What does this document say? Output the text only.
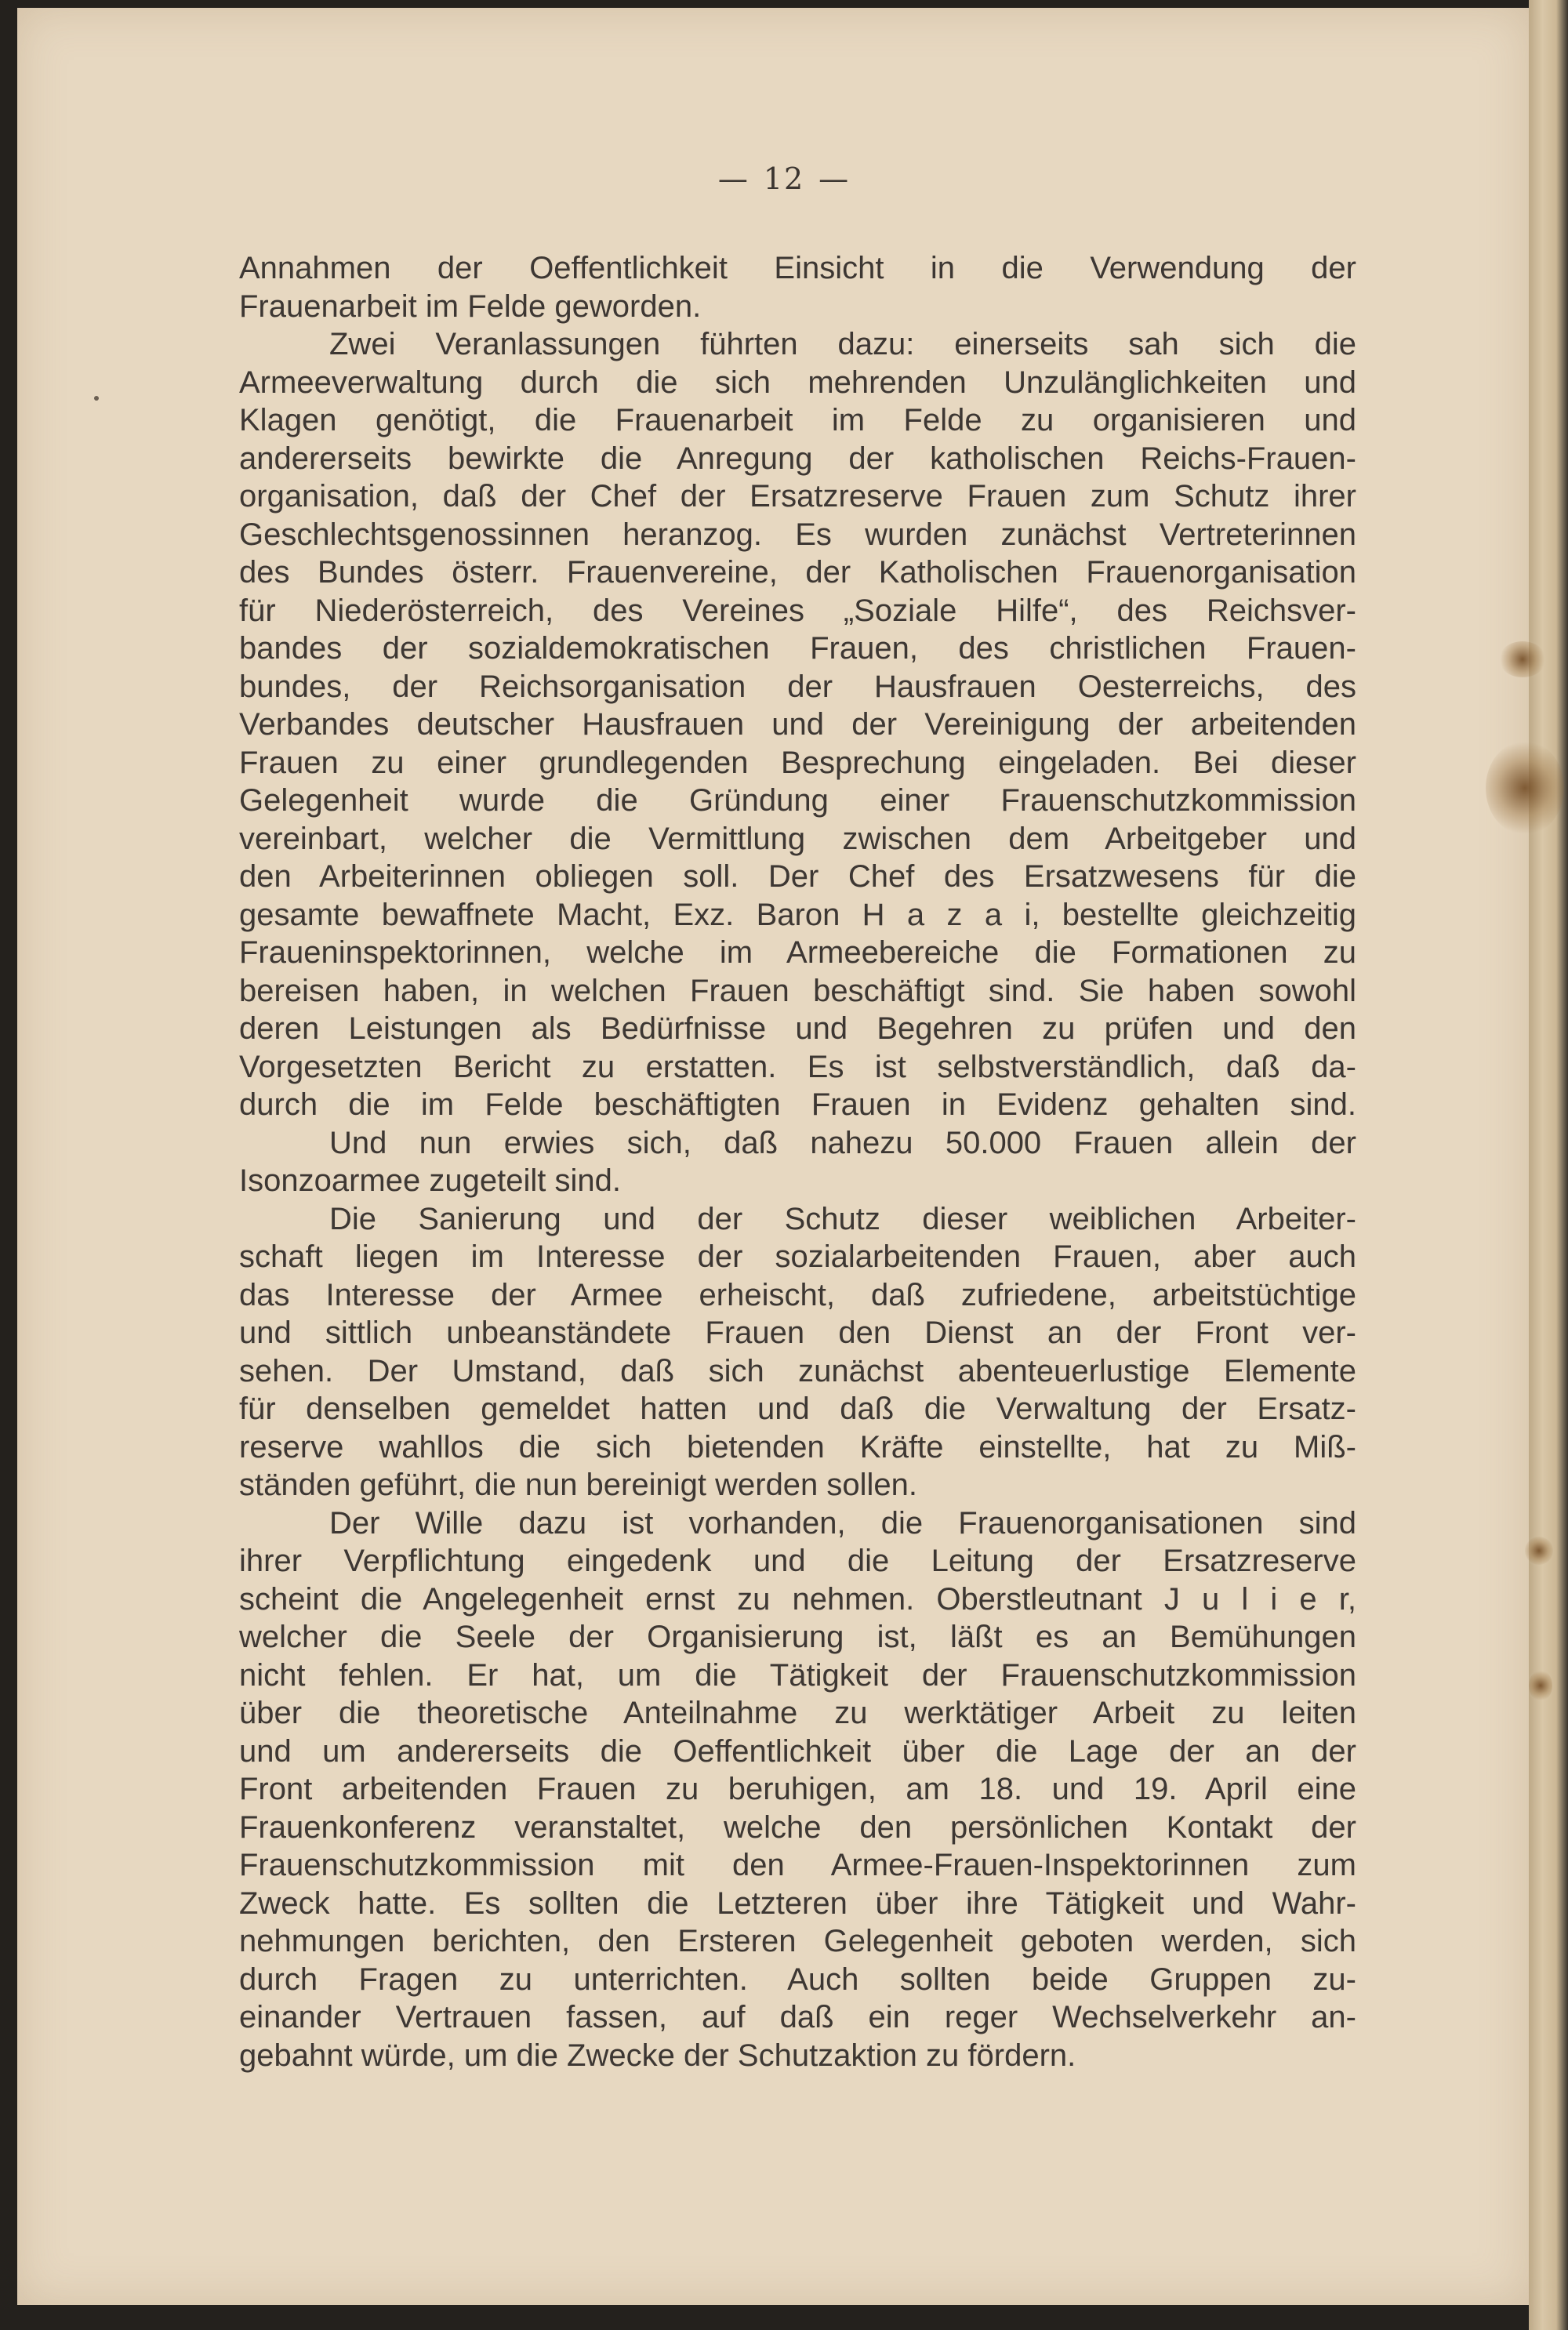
— 12 —
Annahmen der Oeffentlichkeit Einsicht in die Verwendung der
Frauenarbeit im Felde geworden.
Zwei Veranlassungen führten dazu: einerseits sah sich die
Armeeverwaltung durch die sich mehrenden Unzulänglichkeiten und
Klagen genötigt, die Frauenarbeit im Felde zu organisieren und
andererseits bewirkte die Anregung der katholischen Reichs-Frauen-
organisation, daß der Chef der Ersatzreserve Frauen zum Schutz ihrer
Geschlechtsgenossinnen heranzog. Es wurden zunächst Vertreterinnen
des Bundes österr. Frauenvereine, der Katholischen Frauenorganisation
für Niederösterreich, des Vereines „Soziale Hilfe“, des Reichsver-
bandes der sozialdemokratischen Frauen, des christlichen Frauen-
bundes, der Reichsorganisation der Hausfrauen Oesterreichs, des
Verbandes deutscher Hausfrauen und der Vereinigung der arbeitenden
Frauen zu einer grundlegenden Besprechung eingeladen. Bei dieser
Gelegenheit wurde die Gründung einer Frauenschutzkommission
vereinbart, welcher die Vermittlung zwischen dem Arbeitgeber und
den Arbeiterinnen obliegen soll. Der Chef des Ersatzwesens für die
gesamte bewaffnete Macht, Exz. Baron H a z a i, bestellte gleichzeitig
Fraueninspektorinnen, welche im Armeebereiche die Formationen zu
bereisen haben, in welchen Frauen beschäftigt sind. Sie haben sowohl
deren Leistungen als Bedürfnisse und Begehren zu prüfen und den
Vorgesetzten Bericht zu erstatten. Es ist selbstverständlich, daß da-
durch die im Felde beschäftigten Frauen in Evidenz gehalten sind.
Und nun erwies sich, daß nahezu 50.000 Frauen allein der
Isonzoarmee zugeteilt sind.
Die Sanierung und der Schutz dieser weiblichen Arbeiter-
schaft liegen im Interesse der sozialarbeitenden Frauen, aber auch
das Interesse der Armee erheischt, daß zufriedene, arbeitstüchtige
und sittlich unbeanständete Frauen den Dienst an der Front ver-
sehen. Der Umstand, daß sich zunächst abenteuerlustige Elemente
für denselben gemeldet hatten und daß die Verwaltung der Ersatz-
reserve wahllos die sich bietenden Kräfte einstellte, hat zu Miß-
ständen geführt, die nun bereinigt werden sollen.
Der Wille dazu ist vorhanden, die Frauenorganisationen sind
ihrer Verpflichtung eingedenk und die Leitung der Ersatzreserve
scheint die Angelegenheit ernst zu nehmen. Oberstleutnant J u l i e r,
welcher die Seele der Organisierung ist, läßt es an Bemühungen
nicht fehlen. Er hat, um die Tätigkeit der Frauenschutzkommission
über die theoretische Anteilnahme zu werktätiger Arbeit zu leiten
und um andererseits die Oeffentlichkeit über die Lage der an der
Front arbeitenden Frauen zu beruhigen, am 18. und 19. April eine
Frauenkonferenz veranstaltet, welche den persönlichen Kontakt der
Frauenschutzkommission mit den Armee-Frauen-Inspektorinnen zum
Zweck hatte. Es sollten die Letzteren über ihre Tätigkeit und Wahr-
nehmungen berichten, den Ersteren Gelegenheit geboten werden, sich
durch Fragen zu unterrichten. Auch sollten beide Gruppen zu-
einander Vertrauen fassen, auf daß ein reger Wechselverkehr an-
gebahnt würde, um die Zwecke der Schutzaktion zu fördern.
